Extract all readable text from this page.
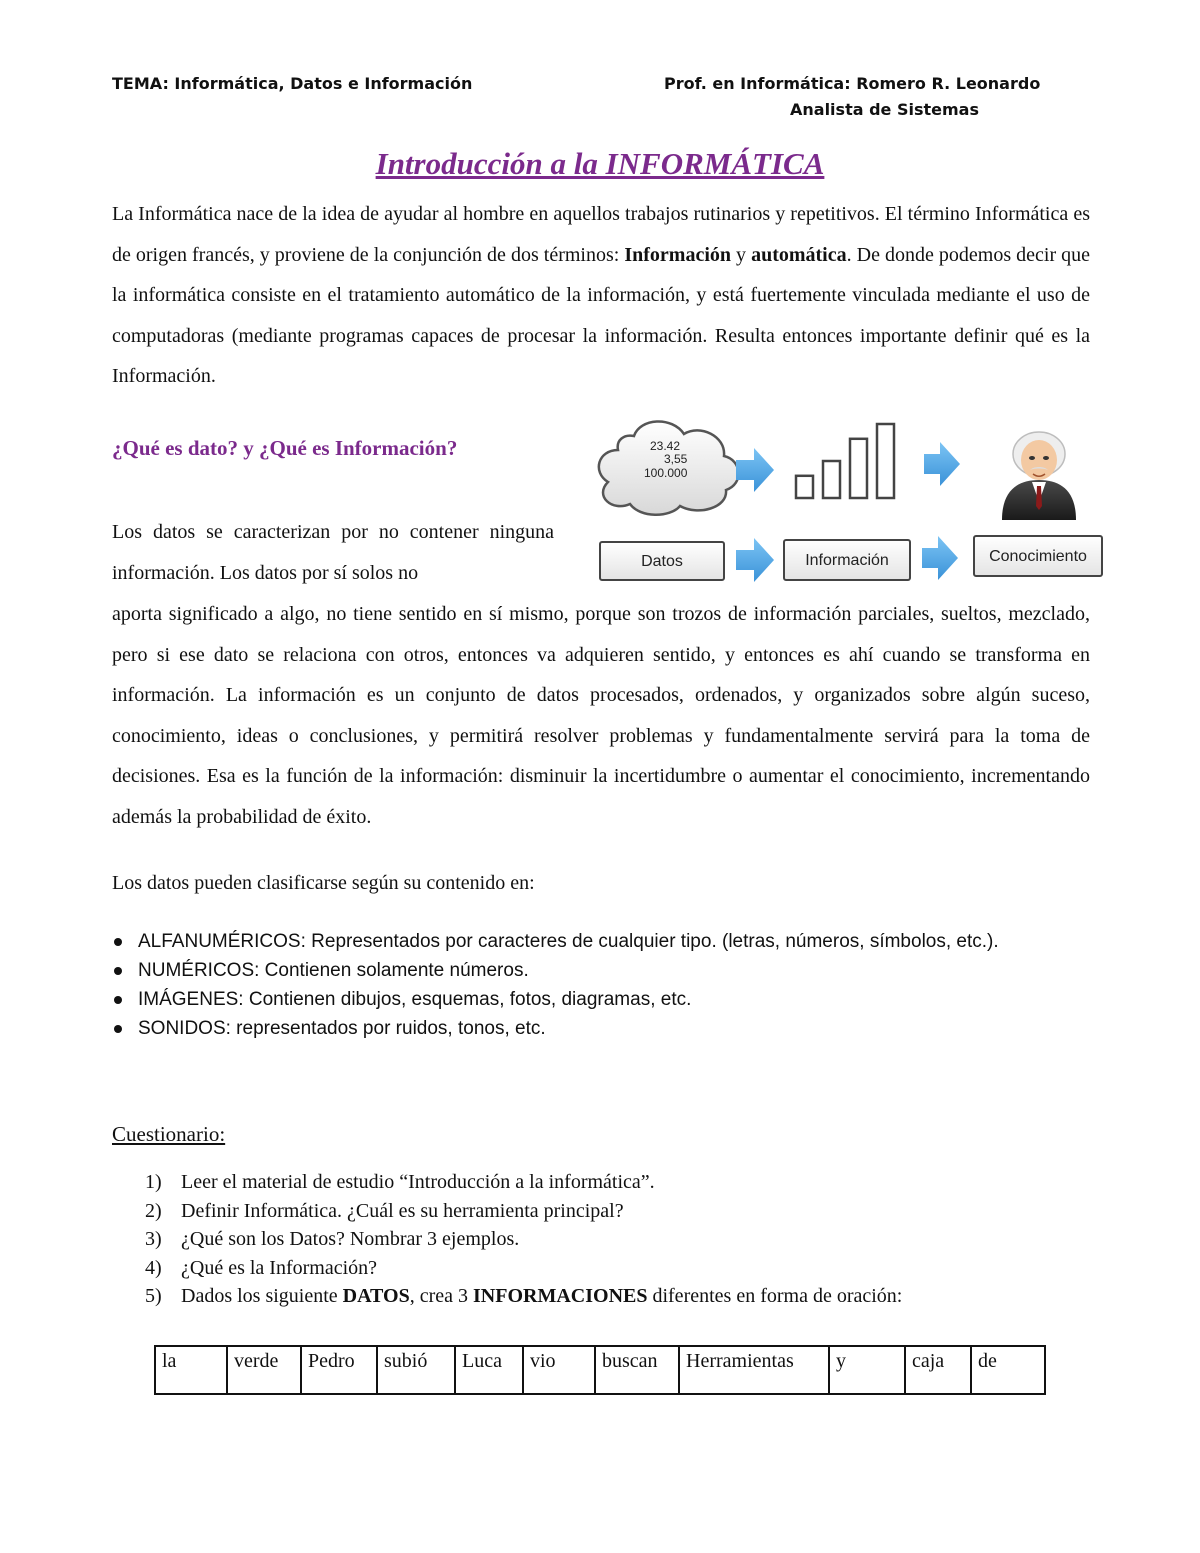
TEMA: Informática, Datos e Información	Prof. en Informática: Romero R. Leonardo
Analista de Sistemas
Introducción a la INFORMÁTICA
La Informática nace de la idea de ayudar al hombre en aquellos trabajos rutinarios y repetitivos. El término Informática es de origen francés, y proviene de la conjunción de dos términos: Información y automática. De donde podemos decir que la informática consiste en el tratamiento automático de la información, y está fuertemente vinculada mediante el uso de computadoras (mediante programas capaces de procesar la información. Resulta entonces importante definir qué es la Información.
¿Qué es dato? y ¿Qué es Información?
Los datos se caracterizan por no contener ninguna información. Los datos por sí solos no
aporta significado a algo, no tiene sentido en sí mismo, porque son trozos de información parciales, sueltos, mezclado, pero si ese dato se relaciona con otros, entonces va adquieren sentido, y entonces es ahí cuando se transforma en información. La información es un conjunto de datos procesados, ordenados, y organizados sobre algún suceso, conocimiento, ideas o conclusiones, y permitirá resolver problemas y fundamentalmente servirá para la toma de decisiones. Esa es la función de la información: disminuir la incertidumbre o aumentar el conocimiento, incrementando además la probabilidad de éxito.
23.42
3,55
100.000
Datos	Información	Conocimiento
Los datos pueden clasificarse según su contenido en:
ALFANUMÉRICOS: Representados por caracteres de cualquier tipo. (letras, números, símbolos, etc.).
NUMÉRICOS: Contienen solamente números.
IMÁGENES: Contienen dibujos, esquemas, fotos, diagramas, etc.
SONIDOS: representados por ruidos, tonos, etc.
Cuestionario:
1) Leer el material de estudio “Introducción a la informática”.
2) Definir Informática. ¿Cuál es su herramienta principal?
3) ¿Qué son los Datos? Nombrar 3 ejemplos.
4) ¿Qué es la Información?
5) Dados los siguiente DATOS, crea 3 INFORMACIONES diferentes en forma de oración:
la	verde	Pedro	subió	Luca	vio	buscan	Herramientas	y	caja	de
